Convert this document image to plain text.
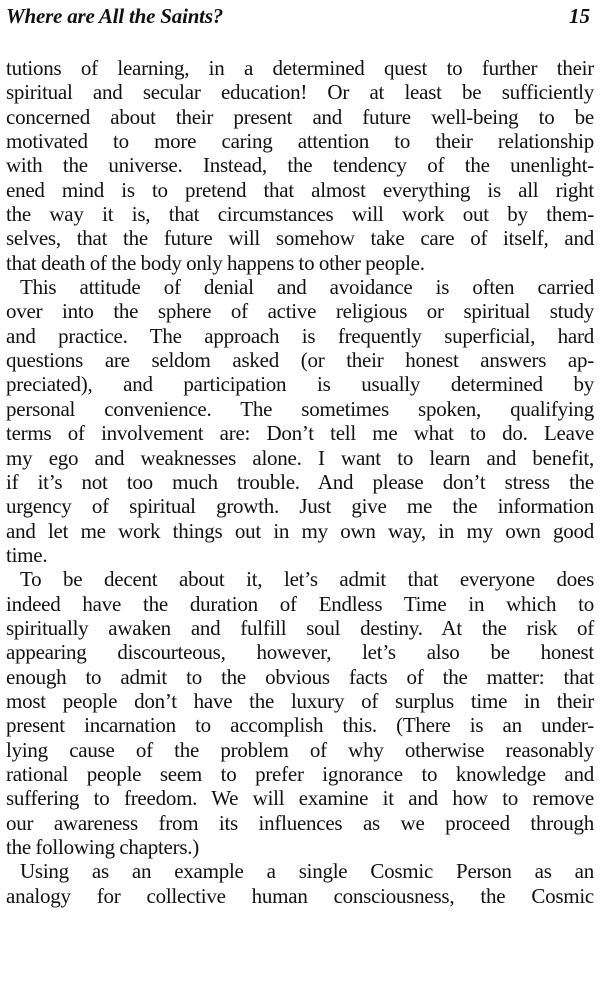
Where are All the Saints?	15
tutions of learning, in a determined quest to further their
spiritual and secular education! Or at least be sufficiently
concerned about their present and future well-being to be
motivated to more caring attention to their relationship
with the universe. Instead, the tendency of the unenlight-
ened mind is to pretend that almost everything is all right
the way it is, that circumstances will work out by them-
selves, that the future will somehow take care of itself, and
that death of the body only happens to other people.
This attitude of denial and avoidance is often carried
over into the sphere of active religious or spiritual study
and practice. The approach is frequently superficial, hard
questions are seldom asked (or their honest answers ap-
preciated), and participation is usually determined by
personal convenience. The sometimes spoken, qualifying
terms of involvement are: Don’t tell me what to do. Leave
my ego and weaknesses alone. I want to learn and benefit,
if it’s not too much trouble. And please don’t stress the
urgency of spiritual growth. Just give me the information
and let me work things out in my own way, in my own good
time.
To be decent about it, let’s admit that everyone does
indeed have the duration of Endless Time in which to
spiritually awaken and fulfill soul destiny. At the risk of
appearing discourteous, however, let’s also be honest
enough to admit to the obvious facts of the matter: that
most people don’t have the luxury of surplus time in their
present incarnation to accomplish this. (There is an under-
lying cause of the problem of why otherwise reasonably
rational people seem to prefer ignorance to knowledge and
suffering to freedom. We will examine it and how to remove
our awareness from its influences as we proceed through
the following chapters.)
Using as an example a single Cosmic Person as an
analogy for collective human consciousness, the Cosmic
